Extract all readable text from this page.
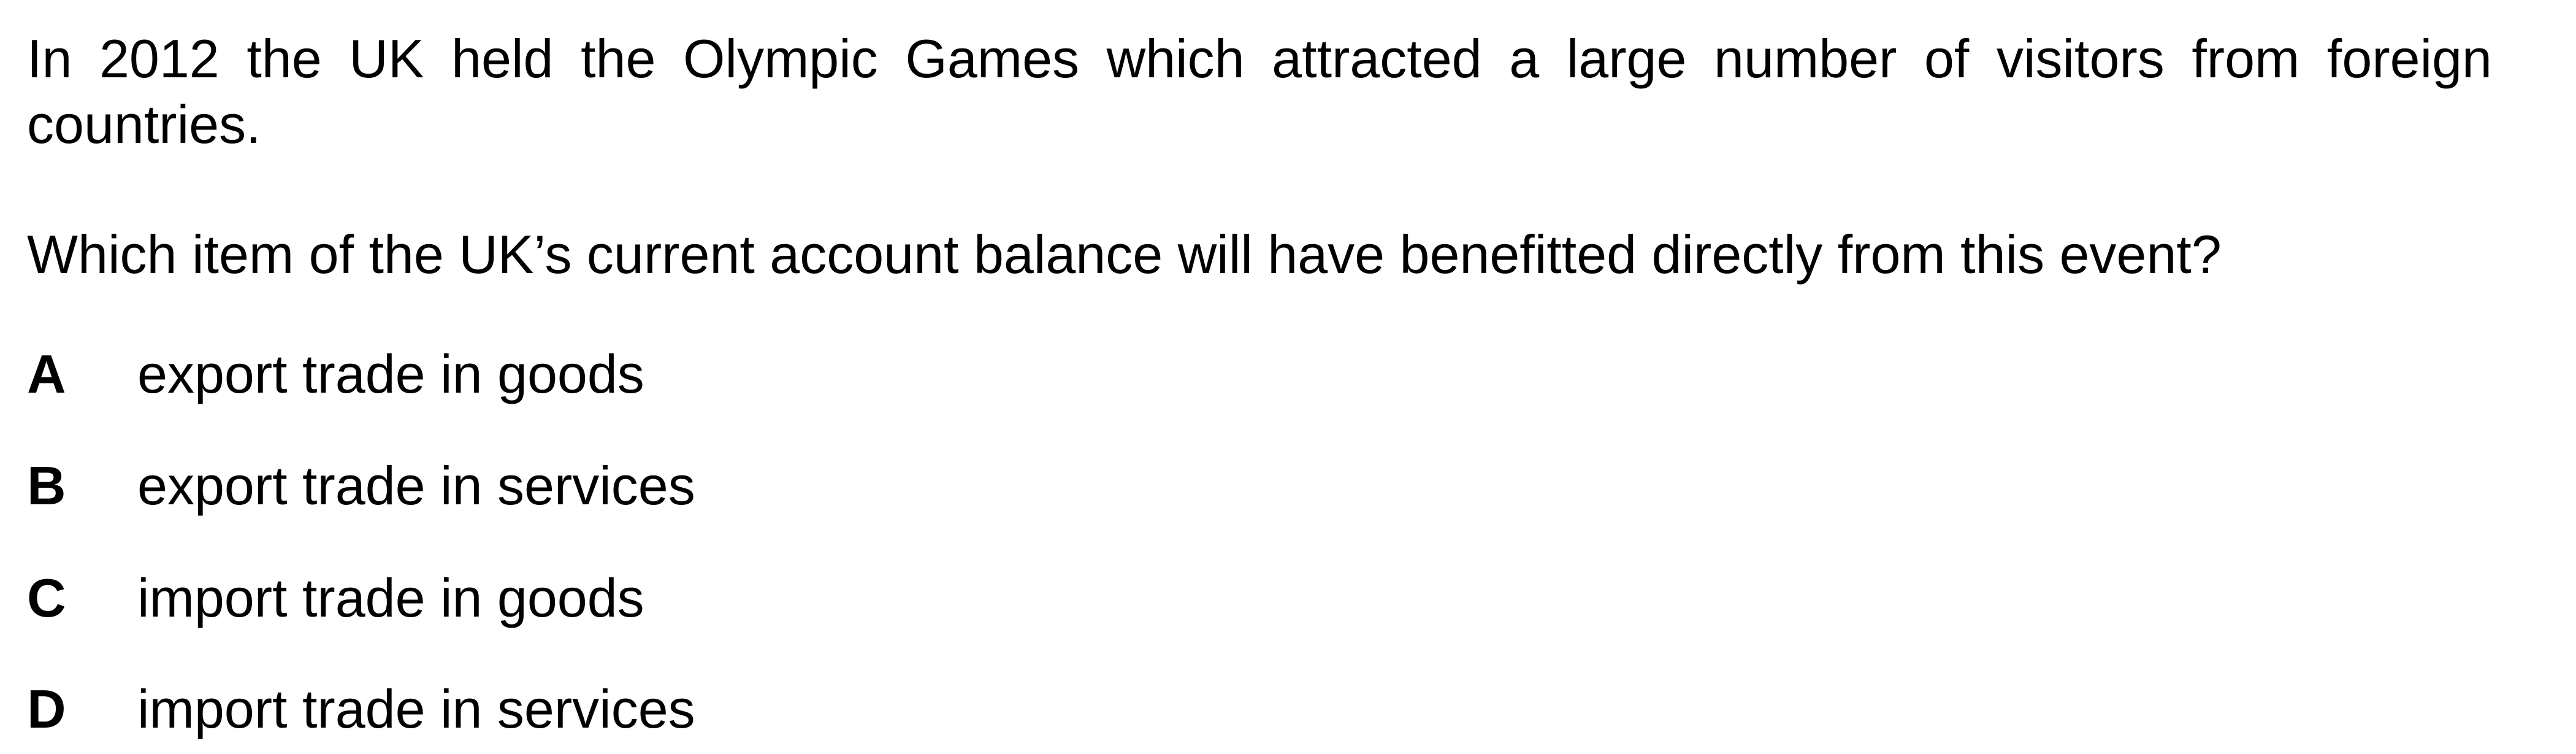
In 2012 the UK held the Olympic Games which attracted a large number of visitors from foreign countries.

Which item of the UK’s current account balance will have benefitted directly from this event?

A export trade in goods
B export trade in services
C import trade in goods
D import trade in services
